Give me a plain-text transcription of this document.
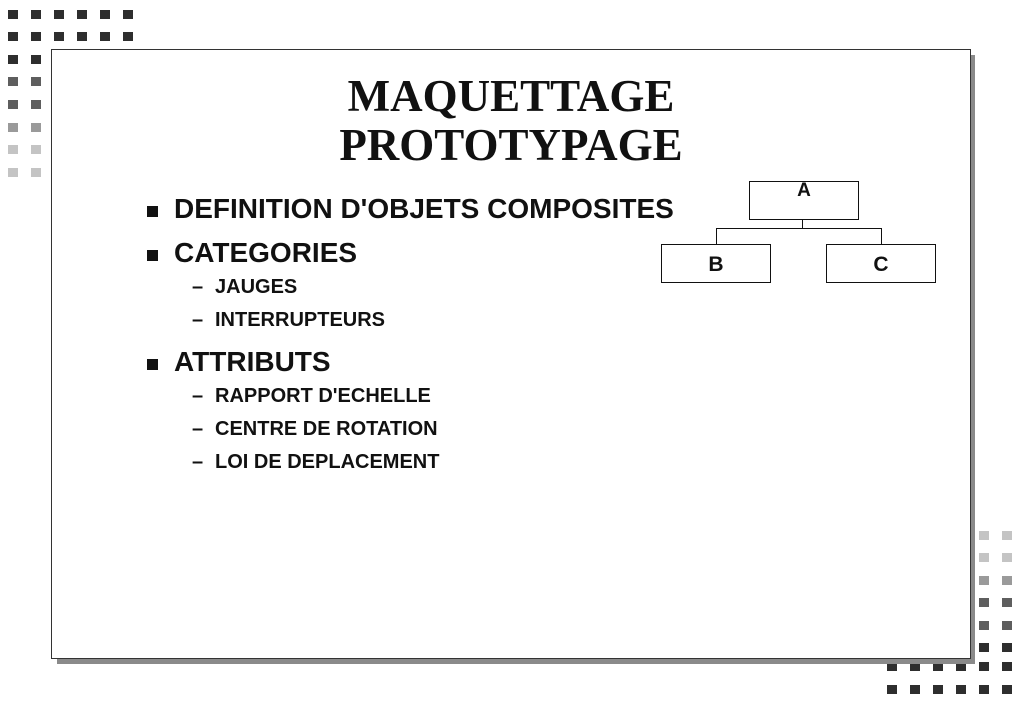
MAQUETTAGE
PROTOTYPAGE
DEFINITION D'OBJETS COMPOSITES
CATEGORIES
– JAUGES
– INTERRUPTEURS
ATTRIBUTS
– RAPPORT D'ECHELLE
– CENTRE DE ROTATION
– LOI DE DEPLACEMENT
A
B	C
